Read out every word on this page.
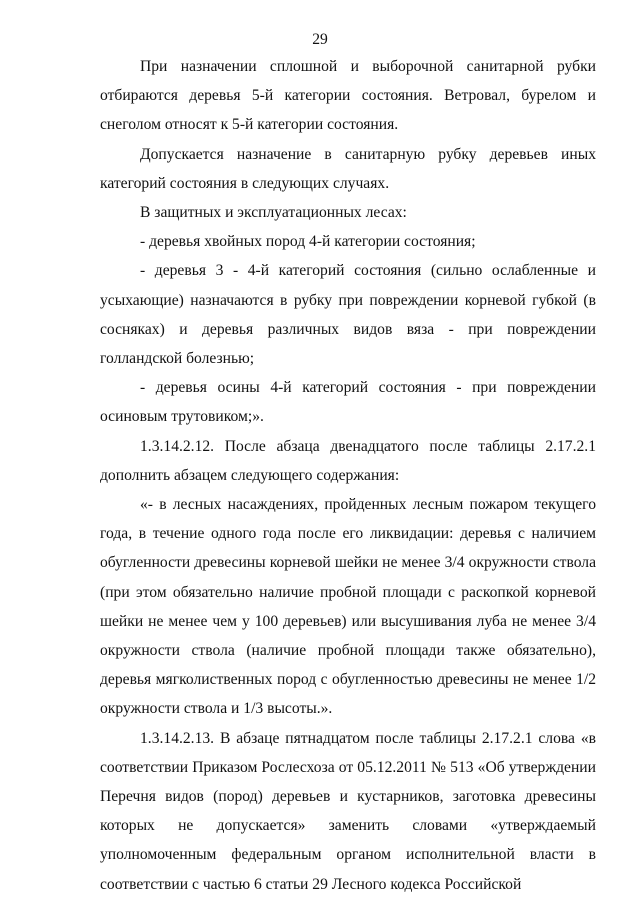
29

При назначении сплошной и выборочной санитарной рубки отбираются деревья 5-й категории состояния. Ветровал, бурелом и снеголом относят к 5-й категории состояния.

Допускается назначение в санитарную рубку деревьев иных категорий состояния в следующих случаях.

В защитных и эксплуатационных лесах:

- деревья хвойных пород 4-й категории состояния;

- деревья 3 - 4-й категорий состояния (сильно ослабленные и усыхающие) назначаются в рубку при повреждении корневой губкой (в сосняках) и деревья различных видов вяза - при повреждении голландской болезнью;

- деревья осины 4-й категорий состояния - при повреждении осиновым трутовиком;».

1.3.14.2.12. После абзаца двенадцатого после таблицы 2.17.2.1 дополнить абзацем следующего содержания:

«- в лесных насаждениях, пройденных лесным пожаром текущего года, в течение одного года после его ликвидации: деревья с наличием обугленности древесины корневой шейки не менее 3/4 окружности ствола (при этом обязательно наличие пробной площади с раскопкой корневой шейки не менее чем у 100 деревьев) или высушивания луба не менее 3/4 окружности ствола (наличие пробной площади также обязательно), деревья мягколиственных пород с обугленностью древесины не менее 1/2 окружности ствола и 1/3 высоты.».

1.3.14.2.13. В абзаце пятнадцатом после таблицы 2.17.2.1 слова «в соответствии Приказом Рослесхоза от 05.12.2011 № 513 «Об утверждении Перечня видов (пород) деревьев и кустарников, заготовка древесины которых не допускается» заменить словами «утверждаемый уполномоченным федеральным органом исполнительной власти в соответствии с частью 6 статьи 29 Лесного кодекса Российской
